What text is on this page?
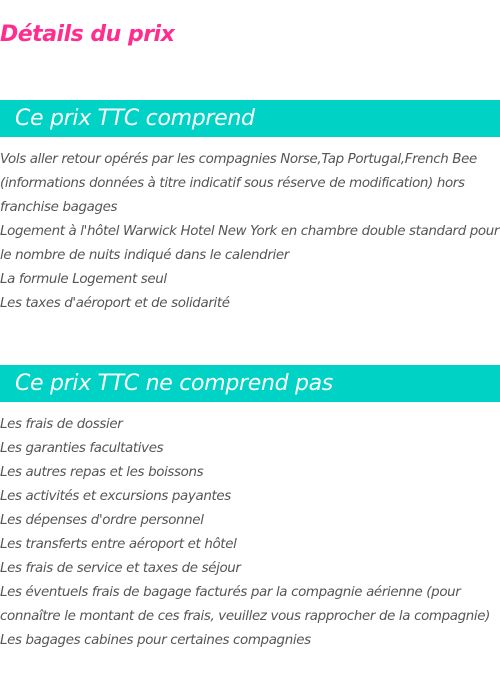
Détails du prix
Ce prix TTC comprend
Vols aller retour opérés par les compagnies Norse,Tap Portugal,French Bee (informations données à titre indicatif sous réserve de modification) hors franchise bagages
Logement à l'hôtel Warwick Hotel New York en chambre double standard pour le nombre de nuits indiqué dans le calendrier
La formule Logement seul
Les taxes d'aéroport et de solidarité
Ce prix TTC ne comprend pas
Les frais de dossier
Les garanties facultatives
Les autres repas et les boissons
Les activités et excursions payantes
Les dépenses d'ordre personnel
Les transferts entre aéroport et hôtel
Les frais de service et taxes de séjour
Les éventuels frais de bagage facturés par la compagnie aérienne (pour connaître le montant de ces frais, veuillez vous rapprocher de la compagnie)
Les bagages cabines pour certaines compagnies
